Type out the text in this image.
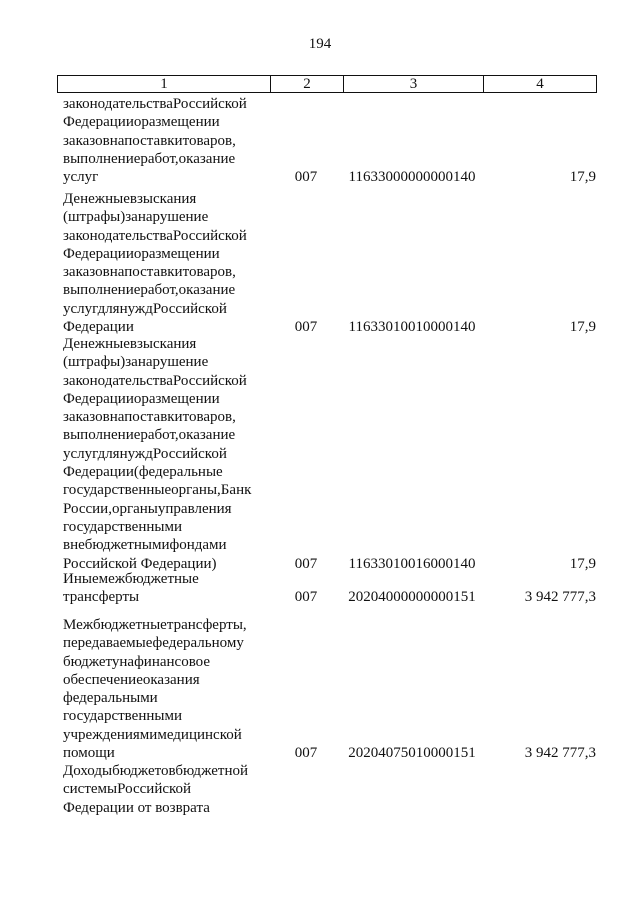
194
1	2	3	4
законодательстваРоссийской
Федерацииоразмещении
заказовнапоставкитоваров,
выполнениеработ,оказание
услуг	007	11633000000000140	17,9
Денежныевзыскания
(штрафы)занарушение
законодательстваРоссийской
Федерацииоразмещении
заказовнапоставкитоваров,
выполнениеработ,оказание
услугдлянуждРоссийской
Федерации	007	11633010010000140	17,9
Денежныевзыскания
(штрафы)занарушение
законодательстваРоссийской
Федерацииоразмещении
заказовнапоставкитоваров,
выполнениеработ,оказание
услугдлянуждРоссийской
Федерации(федеральные
государственныеорганы,Банк
России,органыуправления
государственными
внебюджетнымифондами
Российской Федерации)	007	11633010016000140	17,9
Иныемежбюджетные
трансферты	007	20204000000000151	3 942 777,3
Межбюджетныетрансферты,
передаваемыефедеральному
бюджетунафинансовое
обеспечениеоказания
федеральными
государственными
учреждениямимедицинской
помощи	007	20204075010000151	3 942 777,3
Доходыбюджетовбюджетной
системыРоссийской
Федерации от возврата
